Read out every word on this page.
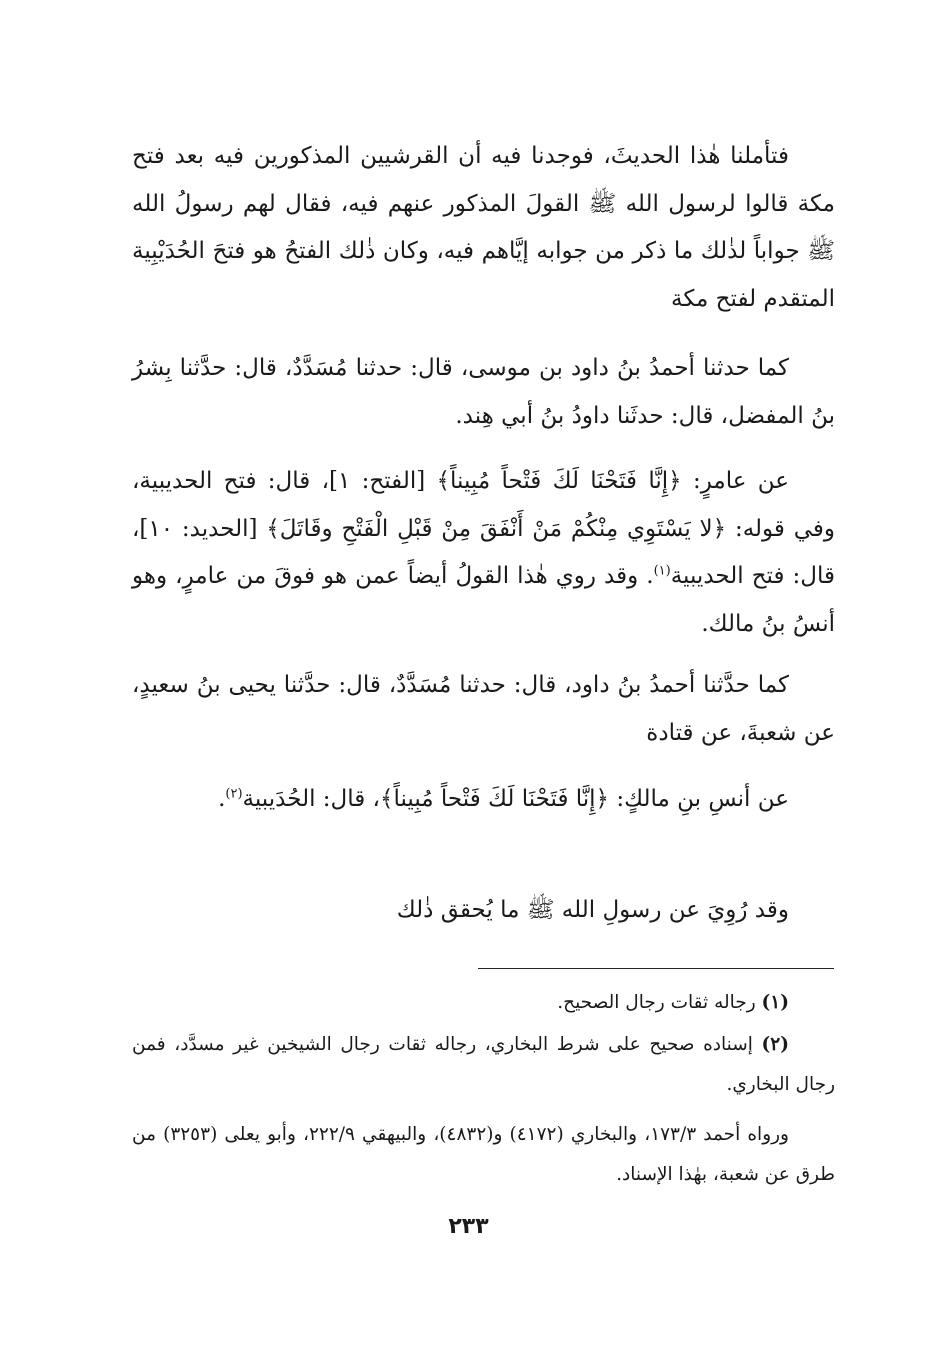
فتأملنا هٰذا الحديثَ، فوجدنا فيه أن القرشيين المذكورين فيه بعد فتح مكة قالوا لرسول الله ﷺ القولَ المذكور عنهم فيه، فقال لهم رسولُ الله ﷺ جواباً لذٰلك ما ذكر من جوابه إيَّاهم فيه، وكان ذٰلك الفتحُ هو فتحَ الحُدَيْبِية المتقدم لفتح مكة

كما حدثنا أحمدُ بنُ داود بن موسى، قال: حدثنا مُسَدَّدٌ، قال: حدَّثنا بِشرُ بنُ المفضل، قال: حدثَنا داودُ بنُ أبي هِند.

عن عامرٍ: ﴿إِنَّا فَتَحْنَا لَكَ فَتْحاً مُبِيناً﴾ [الفتح: ١]، قال: فتح الحديبية، وفي قوله: ﴿لا يَسْتَوِي مِنْكُمْ مَنْ أَنْفَقَ مِنْ قَبْلِ الْفَتْحِ وقَاتَلَ﴾ [الحديد: ١٠]، قال: فتح الحديبية$^{(١)}$. وقد روي هٰذا القولُ أيضاً عمن هو فوقَ من عامرٍ، وهو أنسُ بنُ مالك.

كما حدَّثنا أحمدُ بنُ داود، قال: حدثنا مُسَدَّدٌ، قال: حدَّثنا يحيى بنُ سعيدٍ، عن شعبةَ، عن قتادة

عن أنسِ بنِ مالكٍ: ﴿إِنَّا فَتَحْنَا لَكَ فَتْحاً مُبِيناً﴾، قال: الحُدَيبية$^{(٢)}$.

وقد رُوِيَ عن رسولِ الله ﷺ ما يُحقق ذٰلك

(١) رجاله ثقات رجال الصحيح.
(٢) إسناده صحيح على شرط البخاري، رجاله ثقات رجال الشيخين غير مسدَّد، فمن رجال البخاري.
ورواه أحمد ١٧٣/٣، والبخاري (٤١٧٢) و(٤٨٣٢)، والبيهقي ٢٢٢/٩، وأبو يعلى (٣٢٥٣) من طرق عن شعبة، بهٰذا الإسناد.
٢٣٣
